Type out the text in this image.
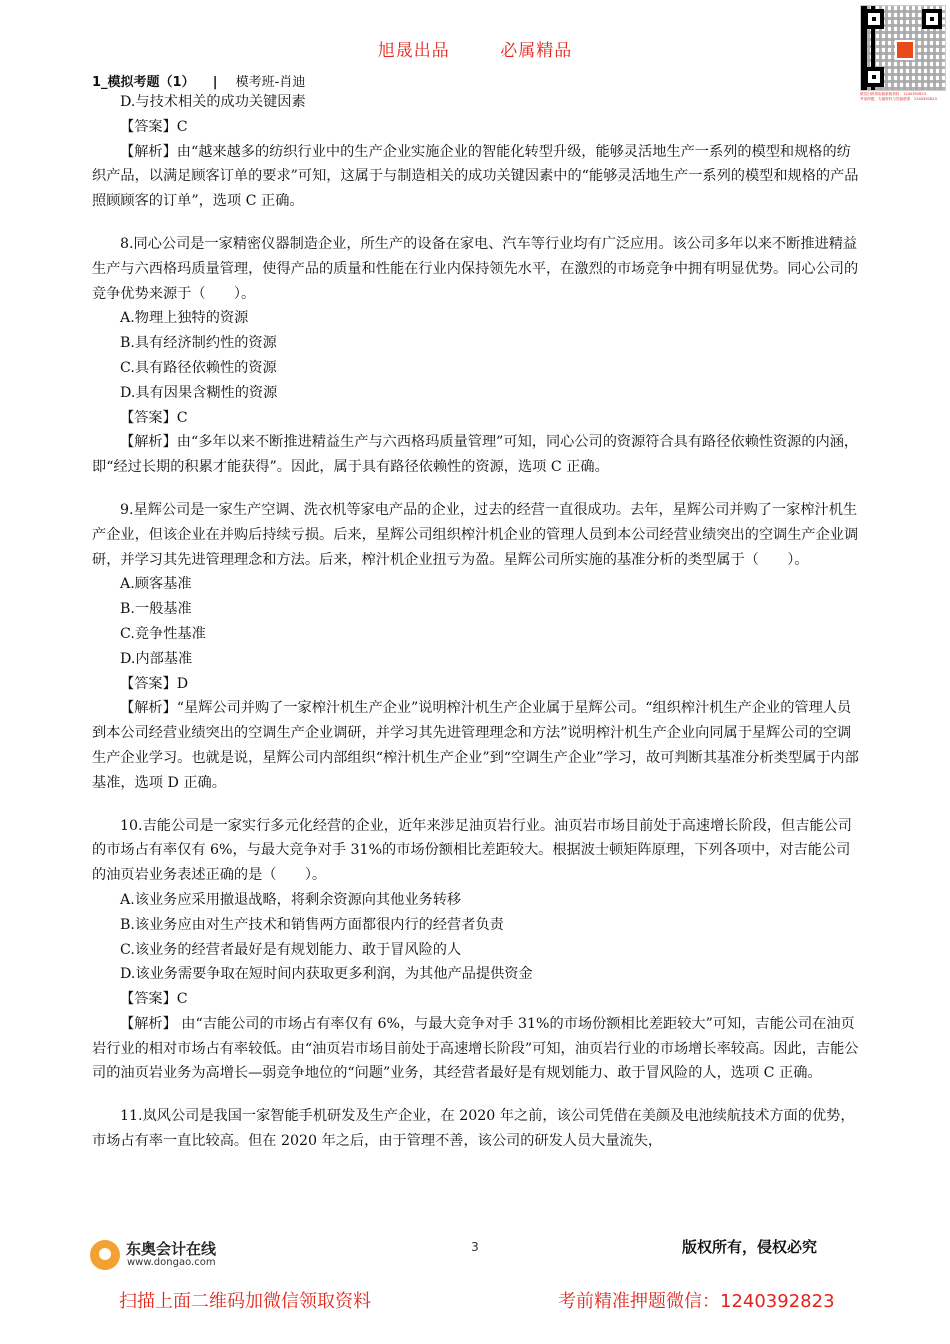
旭晟出品	必属精品
微信扫码领取最新版资料：1240392823
考前押题，专属资料与答疑联系：1240392823
1_模拟考题（1） | 模考班-肖迪

D.与技术相关的成功关键因素

【答案】C

【解析】由“越来越多的纺织行业中的生产企业实施企业的智能化转型升级，能够灵活地生产一系列的模型和规格的纺织产品，以满足顾客订单的要求”可知，这属于与制造相关的成功关键因素中的“能够灵活地生产一系列的模型和规格的产品照顾顾客的订单”，选项 C 正确。

8.同心公司是一家精密仪器制造企业，所生产的设备在家电、汽车等行业均有广泛应用。该公司多年以来不断推进精益生产与六西格玛质量管理，使得产品的质量和性能在行业内保持领先水平，在激烈的市场竞争中拥有明显优势。同心公司的竞争优势来源于（　　）。

A.物理上独特的资源

B.具有经济制约性的资源

C.具有路径依赖性的资源

D.具有因果含糊性的资源

【答案】C

【解析】由“多年以来不断推进精益生产与六西格玛质量管理”可知，同心公司的资源符合具有路径依赖性资源的内涵，即“经过长期的积累才能获得”。因此，属于具有路径依赖性的资源，选项 C 正确。

9.星辉公司是一家生产空调、洗衣机等家电产品的企业，过去的经营一直很成功。去年，星辉公司并购了一家榨汁机生产企业，但该企业在并购后持续亏损。后来，星辉公司组织榨汁机企业的管理人员到本公司经营业绩突出的空调生产企业调研，并学习其先进管理理念和方法。后来，榨汁机企业扭亏为盈。星辉公司所实施的基准分析的类型属于（　　）。

A.顾客基准

B.一般基准

C.竞争性基准

D.内部基准

【答案】D

【解析】“星辉公司并购了一家榨汁机生产企业”说明榨汁机生产企业属于星辉公司。“组织榨汁机生产企业的管理人员到本公司经营业绩突出的空调生产企业调研，并学习其先进管理理念和方法”说明榨汁机生产企业向同属于星辉公司的空调生产企业学习。也就是说，星辉公司内部组织“榨汁机生产企业”到“空调生产企业”学习，故可判断其基准分析类型属于内部基准，选项 D 正确。

10.吉能公司是一家实行多元化经营的企业，近年来涉足油页岩行业。油页岩市场目前处于高速增长阶段，但吉能公司的市场占有率仅有 6%，与最大竞争对手 31%的市场份额相比差距较大。根据波士顿矩阵原理，下列各项中，对吉能公司的油页岩业务表述正确的是（　　）。

A.该业务应采用撤退战略，将剩余资源向其他业务转移

B.该业务应由对生产技术和销售两方面都很内行的经营者负责

C.该业务的经营者最好是有规划能力、敢于冒风险的人

D.该业务需要争取在短时间内获取更多利润，为其他产品提供资金

【答案】C

【解析】 由“吉能公司的市场占有率仅有 6%，与最大竞争对手 31%的市场份额相比差距较大”可知，吉能公司在油页岩行业的相对市场占有率较低。由“油页岩市场目前处于高速增长阶段”可知，油页岩行业的市场增长率较高。因此，吉能公司的油页岩业务为高增长—弱竞争地位的“问题”业务，其经营者最好是有规划能力、敢于冒风险的人，选项 C 正确。

11.岚风公司是我国一家智能手机研发及生产企业，在 2020 年之前，该公司凭借在美颜及电池续航技术方面的优势，市场占有率一直比较高。但在 2020 年之后，由于管理不善，该公司的研发人员大量流失，

东奥会计在线
www.dongao.com
3	版权所有，侵权必究
扫描上面二维码加微信领取资料	考前精准押题微信：1240392823
